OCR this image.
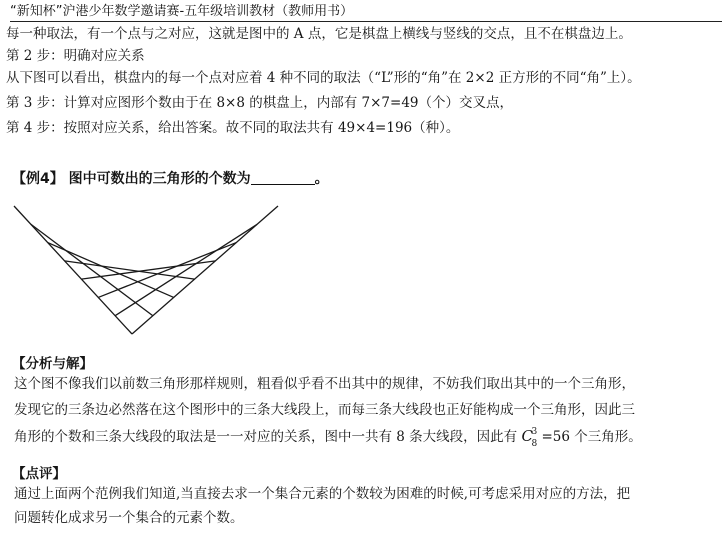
“新知杯”沪港少年数学邀请赛-五年级培训教材（教师用书）
每一种取法，有一个点与之对应，这就是图中的 A 点，它是棋盘上横线与竖线的交点，且不在棋盘边上。
第 2 步：明确对应关系
从下图可以看出，棋盘内的每一个点对应着 4 种不同的取法（“L”形的“角”在 2×2 正方形的不同“角”上）。
第 3 步：计算对应图形个数由于在 8×8 的棋盘上，内部有 7×7=49（个）交叉点，
第 4 步：按照对应关系，给出答案。故不同的取法共有 49×4=196（种）。
【例4】 图中可数出的三角形的个数为	。
【分析与解】
这个图不像我们以前数三角形那样规则，粗看似乎看不出其中的规律，不妨我们取出其中的一个三角形，
发现它的三条边必然落在这个图形中的三条大线段上，而每三条大线段也正好能构成一个三角形，因此三
角形的个数和三条大线段的取法是一一对应的关系，图中一共有 8 条大线段，因此有 C
3
8 =56 个三角形。
【点评】
通过上面两个范例我们知道,当直接去求一个集合元素的个数较为困难的时候,可考虑采用对应的方法，把
问题转化成求另一个集合的元素个数。
